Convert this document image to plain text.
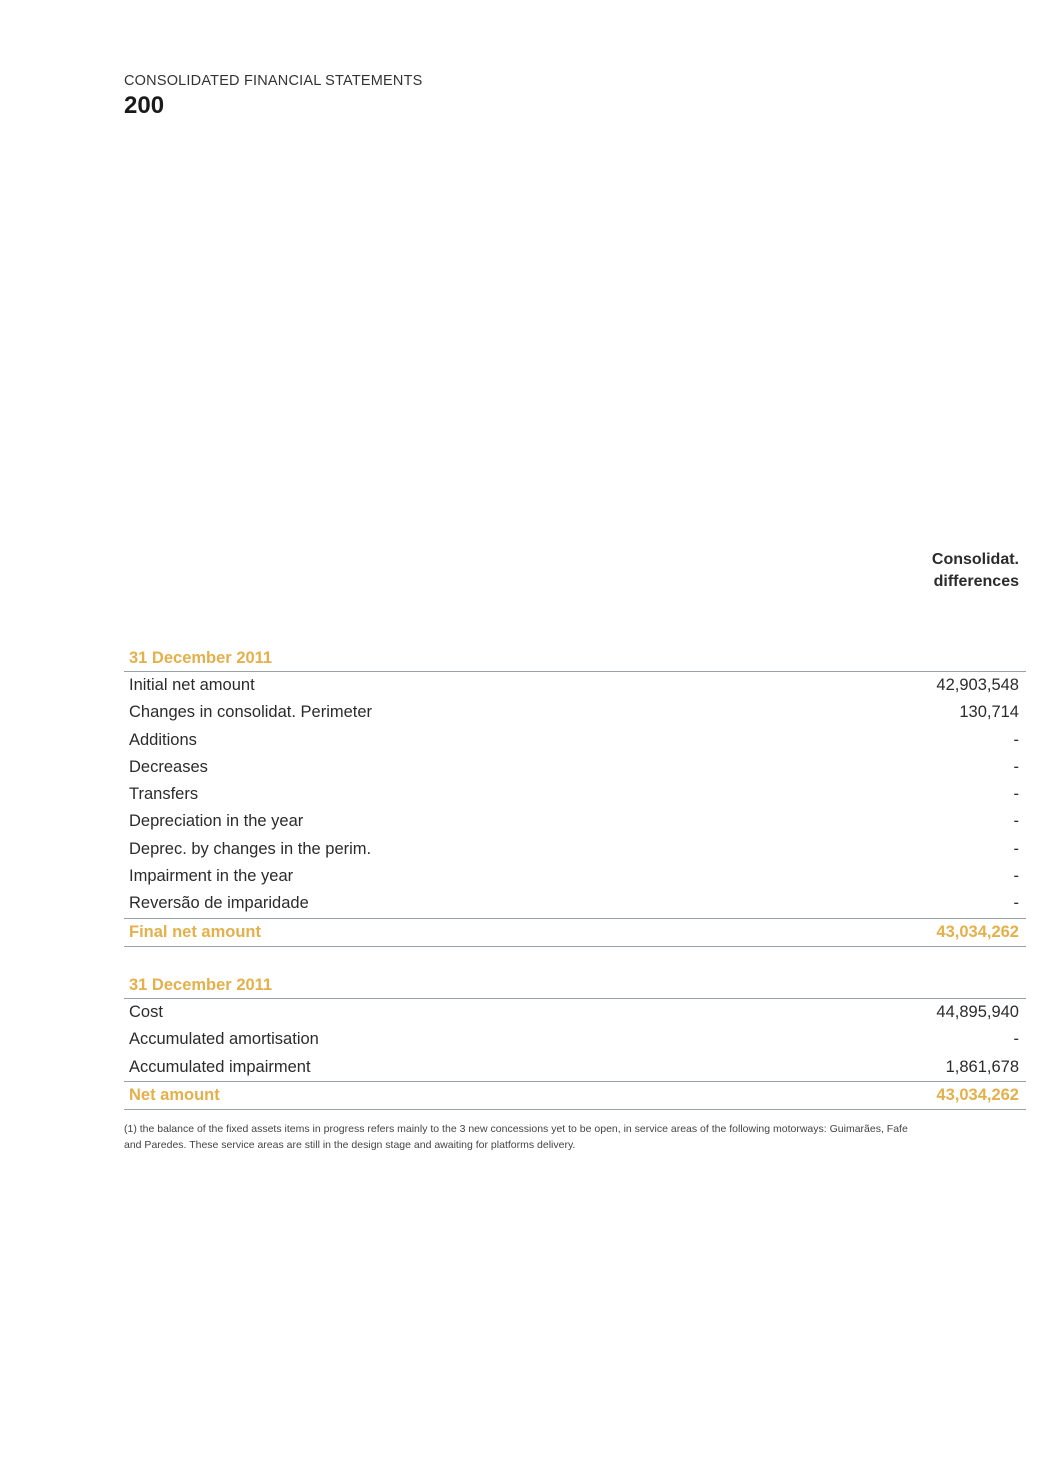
CONSOLIDATED FINANCIAL STATEMENTS
200
Consolidat.
differences
31 December 2011
Initial net amount	42,903,548
Changes in consolidat. Perimeter	130,714
Additions	-
Decreases	-
Transfers	-
Depreciation in the year	-
Deprec. by changes in the perim.	-
Impairment in the year	-
Reversão de imparidade	-
Final net amount	43,034,262
31 December 2011
Cost	44,895,940
Accumulated amortisation	-
Accumulated impairment	1,861,678
Net amount	43,034,262
(1) the balance of the fixed assets items in progress refers mainly to the 3 new concessions yet to be open, in service areas of the following motorways: Guimarães, Fafe
and Paredes. These service areas are still in the design stage and awaiting for platforms delivery.
